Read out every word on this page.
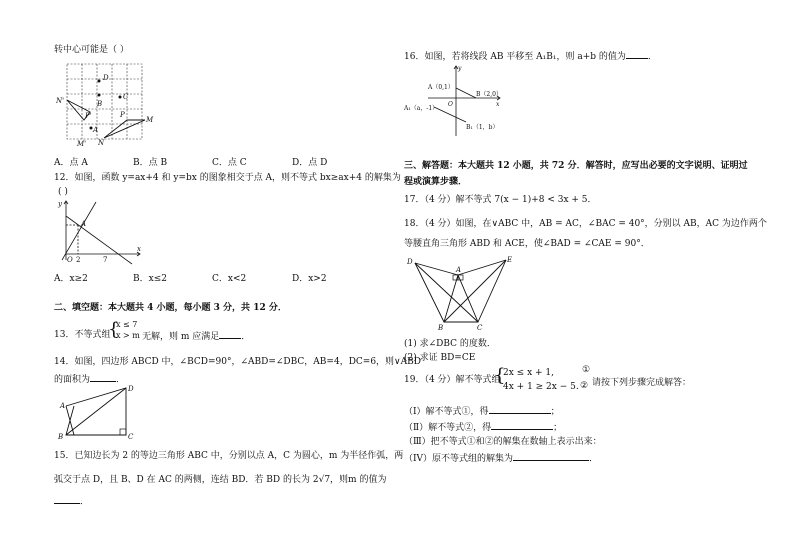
转中心可能是（ ）
D
B
C
N'
P'	P
M
A
M' N
A．点 A	B．点 B	C．点 C	D．点 D
12．如图，函数 y=ax+4 和 y=bx 的图象相交于点 A，则不等式 bx≥ax+4 的解集为
( )
y
A
x
O 2	7
A．x≥2	B．x≤2	C．x<2	D．x>2
二、填空题：本大题共 4 小题，每小题 3 分，共 12 分．
13．不等式组
{
x ≤ 7
x > m 无解，则 m 应满足 ．
14．如图，四边形 ABCD 中，∠BCD=90°，∠ABD=∠DBC，AB=4，DC=6，则∨ABD
的面积为	．
D
A
B	C
15．已知边长为 2 的等边三角形 ABC 中，分别以点 A，C 为圆心，m 为半径作弧，两
弧交于点 D，且 B、D 在 AC 的两侧，连结 BD．若 BD 的长为 2√7，则m 的值为
．
16．如图，若将线段 AB 平移至 A₁B₁，则 a+b 的值为 ．
y
A（0,1）
B（2,0）
x
O
A₁（a，-1）
B₁（1，b）
三、解答题：本大题共 12 小题，共 72 分．解答时，应写出必要的文字说明、证明过
程或演算步骤．
17．（4 分）解不等式 7(x − 1)+8 < 3x + 5．
18．（4 分）如图，在∨ABC 中，AB = AC，∠BAC = 40°，分别以 AB，AC 为边作两个
等腰直角三角形 ABD 和 ACE，使∠BAD = ∠CAE = 90°．
D
A
E
B	C
(1) 求∠DBC 的度数．
(2) 求证 BD=CE
19．（4 分）解不等式组
{
2x ≤ x + 1,
4x + 1 ≥ 2x − 5.
①
② 请按下列步骤完成解答：
（I）解不等式①，得	；
（Ⅱ）解不等式②，得	；
（Ⅲ）把不等式①和②的解集在数轴上表示出来：
（IV）原不等式组的解集为	．
